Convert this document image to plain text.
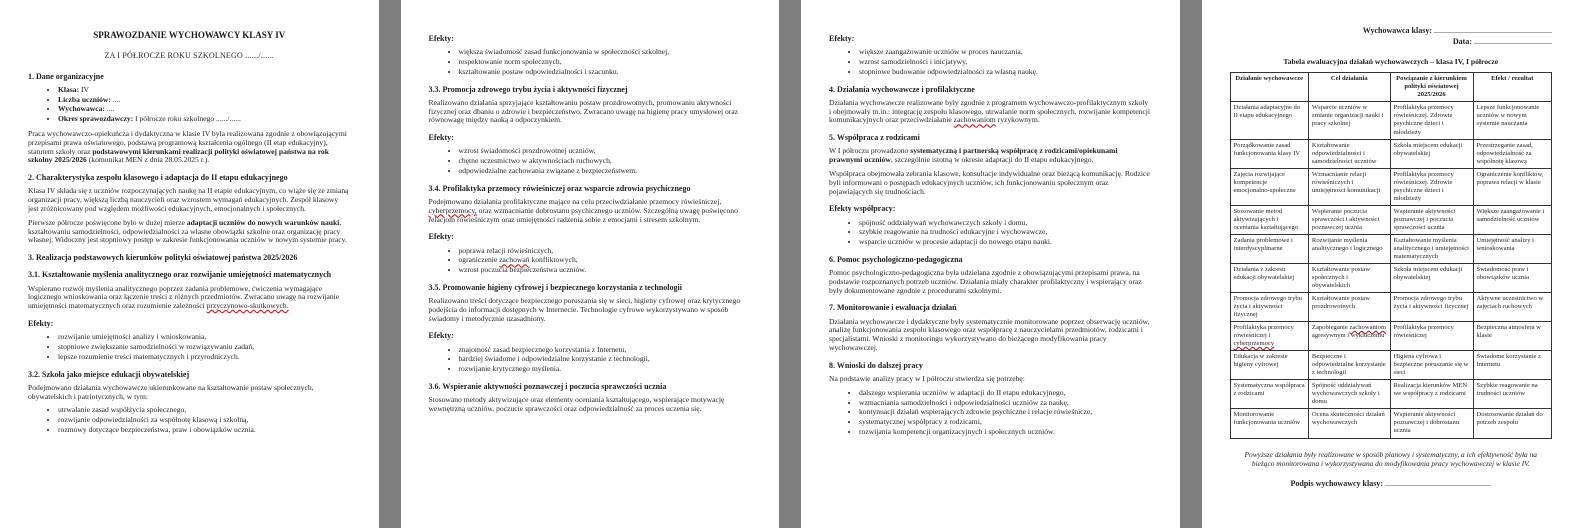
SPRAWOZDANIE WYCHOWAWCY KLASY IV
ZA I PÓŁROCZE ROKU SZKOLNEGO ....../......
1. Dane organizacyjne
• Klasa: IV
• Liczba uczniów: ....
• Wychowawca: ....
• Okres sprawozdawczy: I półrocze roku szkolnego ....../......

Praca wychowawczo-opiekuńcza i dydaktyczna w klasie IV była realizowana zgodnie z obowiązującymi przepisami prawa oświatowego, podstawą programową kształcenia ogólnego (II etap edukacyjny), statutem szkoły oraz podstawowymi kierunkami realizacji polityki oświatowej państwa na rok szkolny 2025/2026 (komunikat MEN z dnia 28.05.2025 r.).

2. Charakterystyka zespołu klasowego i adaptacja do II etapu edukacyjnego

Klasa IV składa się z uczniów rozpoczynających naukę na II etapie edukacyjnym, co wiąże się ze zmianą organizacji pracy, większą liczbą nauczycieli oraz wzrostem wymagań edukacyjnych. Zespół klasowy jest zróżnicowany pod względem możliwości edukacyjnych, emocjonalnych i społecznych.

Pierwsze półrocze poświęcone było w dużej mierze adaptacji uczniów do nowych warunków nauki, kształtowaniu samodzielności, odpowiedzialności za własne obowiązki szkolne oraz organizację pracy własnej. Widoczny jest stopniowy postęp w zakresie funkcjonowania uczniów w nowym systemie pracy.

3. Realizacja podstawowych kierunków polityki oświatowej państwa 2025/2026
3.1. Kształtowanie myślenia analitycznego oraz rozwijanie umiejętności matematycznych

Wspierano rozwój myślenia analitycznego poprzez zadania problemowe, ćwiczenia wymagające logicznego wnioskowania oraz łączenie treści z różnych przedmiotów. Zwracano uwagę na rozwijanie umiejętności matematycznych oraz rozumienie zależności przyczynowo-skutkowych.

Efekty:
• rozwijanie umiejętności analizy i wnioskowania,
• stopniowe zwiększanie samodzielności w rozwiązywaniu zadań,
• lepsze rozumienie treści matematycznych i przyrodniczych.
3.2. Szkoła jako miejsce edukacji obywatelskiej

Podejmowano działania wychowawcze ukierunkowane na kształtowanie postaw społecznych, obywatelskich i patriotycznych, w tym:

• utrwalanie zasad współżycia społecznego,
• rozwijanie odpowiedzialności za wspólnotę klasową i szkolną,
• rozmowy dotyczące bezpieczeństwa, praw i obowiązków ucznia.
Efekty:
• większa świadomość zasad funkcjonowania w społeczności szkolnej,
• respektowanie norm społecznych,
• kształtowanie postaw odpowiedzialności i szacunku.
3.3. Promocja zdrowego trybu życia i aktywności fizycznej

Realizowano działania sprzyjające kształtowaniu postaw prozdrowotnych, promowaniu aktywności fizycznej oraz dbaniu o zdrowie i bezpieczeństwo. Zwracano uwagę na higienę pracy umysłowej oraz równowagę między nauką a odpoczynkiem.

Efekty:
• wzrost świadomości prozdrowotnej uczniów,
• chętne uczestnictwo w aktywnościach ruchowych,
• odpowiedzialne zachowania związane z bezpieczeństwem.
3.4. Profilaktyka przemocy rówieśniczej oraz wsparcie zdrowia psychicznego

Podejmowano działania profilaktyczne mające na celu przeciwdziałanie przemocy rówieśniczej, cyberprzemocy, oraz wzmacnianie dobrostanu psychicznego uczniów. Szczególną uwagę poświęcono relacjom rówieśniczym oraz umiejętności radzenia sobie z emocjami i stresem szkolnym.

Efekty:
• poprawa relacji rówieśniczych,
• ograniczenie zachowań konfliktowych,
• wzrost poczucia bezpieczeństwa uczniów.
3.5. Promowanie higieny cyfrowej i bezpiecznego korzystania z technologii

Realizowano treści dotyczące bezpiecznego poruszania się w sieci, higieny cyfrowej oraz krytycznego podejścia do informacji dostępnych w Internecie. Technologie cyfrowe wykorzystywano w sposób świadomy i metodycznie uzasadniony.

Efekty:
• znajomość zasad bezpiecznego korzystania z Internetu,
• bardziej świadome i odpowiedzialne korzystanie z technologii,
• rozwijanie krytycznego myślenia.
3.6. Wspieranie aktywności poznawczej i poczucia sprawczości ucznia

Stosowano metody aktywizujące oraz elementy oceniania kształtującego, wspierające motywację wewnętrzną uczniów, poczucie sprawczości oraz odpowiedzialność za proces uczenia się.

Efekty:
• większe zaangażowanie uczniów w proces nauczania,
• wzrost samodzielności i inicjatywy,
• stopniowe budowanie odpowiedzialności za własną naukę.
4. Działania wychowawcze i profilaktyczne

Działania wychowawcze realizowane były zgodnie z programem wychowawczo-profilaktycznym szkoły i obejmowały m.in.: integrację zespołu klasowego, utrwalanie norm społecznych, rozwijanie kompetencji komunikacyjnych oraz przeciwdziałanie zachowaniom ryzykownym.

5. Współpraca z rodzicami

W I półroczu prowadzono systematyczną i partnerską współpracę z rodzicami/opiekunami prawnymi uczniów, szczególnie istotną w okresie adaptacji do II etapu edukacyjnego.

Współpraca obejmowała zebrania klasowe, konsultacje indywidualne oraz bieżącą komunikację. Rodzice byli informowani o postępach edukacyjnych uczniów, ich funkcjonowaniu społecznym oraz pojawiających się trudnościach.

Efekty współpracy:
• spójność oddziaływań wychowawczych szkoły i domu,
• szybkie reagowanie na trudności edukacyjne i wychowawcze,
• wsparcie uczniów w procesie adaptacji do nowego etapu nauki.
6. Pomoc psychologiczno-pedagogiczna

Pomoc psychologiczno-pedagogiczna była udzielana zgodnie z obowiązującymi przepisami prawa, na podstawie rozpoznanych potrzeb uczniów. Działania miały charakter profilaktyczny i wspierający oraz były dokumentowane zgodnie z procedurami szkolnymi.

7. Monitorowanie i ewaluacja działań

Działania wychowawcze i dydaktyczne były systematycznie monitorowane poprzez obserwację uczniów, analizę funkcjonowania zespołu klasowego oraz współpracę z nauczycielami przedmiotów, rodzicami i specjalistami. Wnioski z monitoringu wykorzystywano do bieżącego modyfikowania pracy wychowawczej.

8. Wnioski do dalszej pracy

Na podstawie analizy pracy w I półroczu stwierdza się potrzebę:

• dalszego wspierania uczniów w adaptacji do II etapu edukacyjnego,
• wzmacniania samodzielności i odpowiedzialności uczniów za naukę,
• kontynuacji działań wspierających zdrowie psychiczne i relacje rówieśnicze,
• systematycznej współpracy z rodzicami,
• rozwijania kompetencji organizacyjnych i społecznych uczniów.
Wychowawca klasy: ...........................................................
Data: .......................................
Tabela ewaluacyjna działań wychowawczych – klasa IV, I półrocze
Działanie wychowawcze	Cel działania	Powiązanie z kierunkiem polityki oświatowej 2025/2026	Efekt / rezultat
Działania adaptacyjne do II etapu edukacyjnego	Wsparcie uczniów w zmianie organizacji nauki i pracy szkolnej	Profilaktyka przemocy rówieśniczej. Zdrowie psychiczne dzieci i młodzieży	Lepsze funkcjonowanie uczniów w nowym systemie nauczania
Porządkowanie zasad funkcjonowania klasy IV	Kształtowanie odpowiedzialności i samodzielności uczniów	Szkoła miejscem edukacji obywatelskiej	Przestrzeganie zasad, odpowiedzialność za wspólnotę klasową
Zajęcia rozwijające kompetencje emocjonalno-społeczne	Wzmacnianie relacji rówieśniczych i umiejętności komunikacji	Profilaktyka przemocy rówieśniczej. Zdrowie psychiczne dzieci i młodzieży	Ograniczenie konfliktów, poprawa relacji w klasie
Stosowanie metod aktywizujących i oceniania kształtującego	Wspieranie poczucia sprawczości i aktywności poznawczej ucznia	Wspieranie aktywności poznawczej i poczucia sprawczości ucznia	Większe zaangażowanie i samodzielność uczniów
Zadania problemowe i interdyscyplinarne	Rozwijanie myślenia analitycznego i logicznego	Kształtowanie myślenia analitycznego i umiejętności matematycznych	Umiejętność analizy i wnioskowania
Działania z zakresu edukacji obywatelskiej	Kształtowanie postaw społecznych i obywatelskich	Szkoła miejscem edukacji obywatelskiej	Świadomość praw i obowiązków ucznia
Promocja zdrowego trybu życia i aktywności fizycznej	Kształtowanie postaw prozdrowotnych	Promocja zdrowego trybu życia i aktywności fizycznej	Aktywne uczestnictwo w zajęciach ruchowych
Profilaktyka przemocy rówieśniczej i cyberprzemocy	Zapobieganie zachowaniom agresywnym i wykluczeniu	Profilaktyka przemocy rówieśniczej	Bezpieczna atmosfera w klasie
Edukacja w zakresie higieny cyfrowej	Bezpieczne i odpowiedzialne korzystanie z technologii	Higiena cyfrowa i bezpieczne poruszanie się w sieci	Świadome korzystanie z Internetu
Systematyczna współpraca z rodzicami	Spójność oddziaływań wychowawczych szkoły i domu	Realizacja kierunków MEN we współpracy z rodzicami	Szybkie reagowanie na trudności uczniów
Monitorowanie funkcjonowania uczniów	Ocena skuteczności działań wychowawczych	Wspieranie aktywności poznawczej i dobrostanu ucznia	Dostosowanie działań do potrzeb zespołu

Powyższe działania były realizowane w sposób planowy i systematyczny, a ich efektywność była na bieżąco monitorowana i wykorzystywana do modyfikowania pracy wychowawczej w klasie IV.

Podpis wychowawcy klasy: .....................................................
